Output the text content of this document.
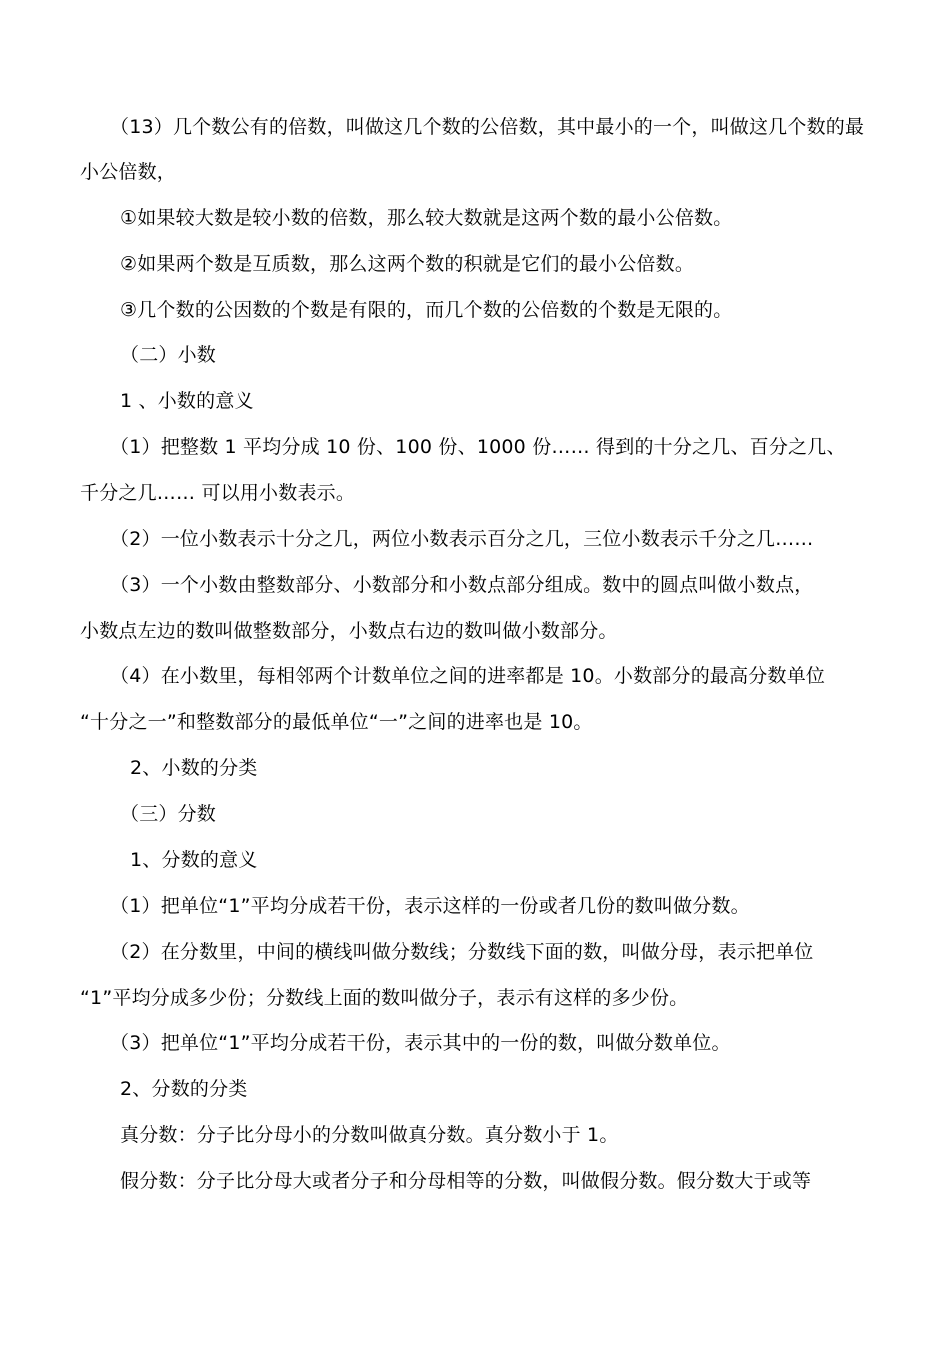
（13）几个数公有的倍数，叫做这几个数的公倍数，其中最小的一个，叫做这几个数的最
小公倍数，
①如果较大数是较小数的倍数，那么较大数就是这两个数的最小公倍数。
②如果两个数是互质数，那么这两个数的积就是它们的最小公倍数。
③几个数的公因数的个数是有限的，而几个数的公倍数的个数是无限的。
（二）小数
1 、小数的意义
（1）把整数 1 平均分成 10 份、100 份、1000 份…… 得到的十分之几、百分之几、
千分之几…… 可以用小数表示。
（2）一位小数表示十分之几，两位小数表示百分之几，三位小数表示千分之几……
（3）一个小数由整数部分、小数部分和小数点部分组成。数中的圆点叫做小数点，
小数点左边的数叫做整数部分，小数点右边的数叫做小数部分。
（4）在小数里，每相邻两个计数单位之间的进率都是 10。小数部分的最高分数单位
“十分之一”和整数部分的最低单位“一”之间的进率也是 10。
2、小数的分类
（三）分数
1、分数的意义
（1）把单位“1”平均分成若干份，表示这样的一份或者几份的数叫做分数。
（2）在分数里，中间的横线叫做分数线；分数线下面的数，叫做分母，表示把单位
“1”平均分成多少份；分数线上面的数叫做分子，表示有这样的多少份。
（3）把单位“1”平均分成若干份，表示其中的一份的数，叫做分数单位。
2、分数的分类
真分数：分子比分母小的分数叫做真分数。真分数小于 1。
假分数：分子比分母大或者分子和分母相等的分数，叫做假分数。假分数大于或等
